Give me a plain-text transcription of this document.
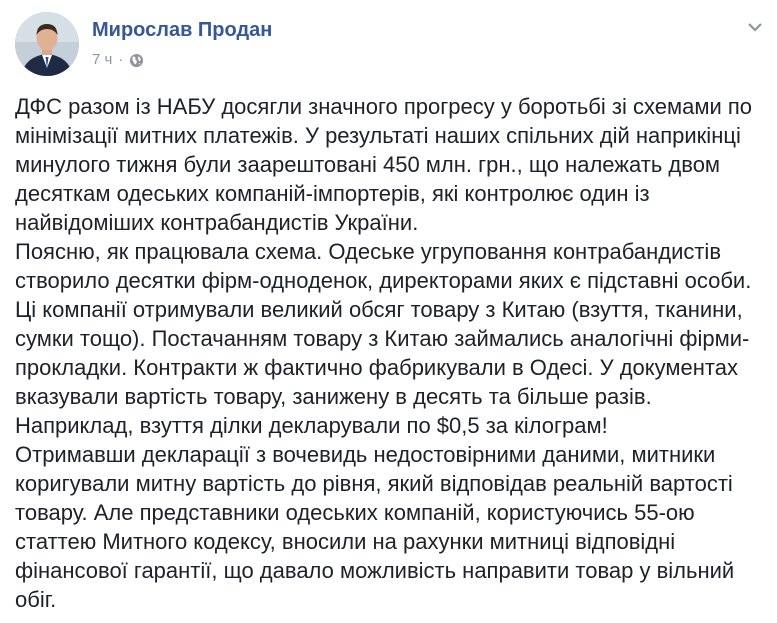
Мирослав Продан
7 ч ·

ДФС разом із НАБУ досягли значного прогресу у боротьбі зі схемами по мінімізації митних платежів. У результаті наших спільних дій наприкінці минулого тижня були заарештовані 450 млн. грн., що належать двом десяткам одеських компаній-імпортерів, які контролює один із найвідоміших контрабандистів України.

Поясню, як працювала схема. Одеське угруповання контрабандистів створило десятки фірм-одноденок, директорами яких є підставні особи. Ці компанії отримували великий обсяг товару з Китаю (взуття, тканини, сумки тощо). Постачанням товару з Китаю займались аналогічні фірми-прокладки. Контракти ж фактично фабрикували в Одесі. У документах вказували вартість товару, занижену в десять та більше разів. Наприклад, взуття ділки декларували по $0,5 за кілограм!

Отримавши декларації з вочевидь недостовірними даними, митники коригували митну вартість до рівня, який відповідав реальній вартості товару. Але представники одеських компаній, користуючись 55-ою статтею Митного кодексу, вносили на рахунки митниці відповідні фінансової гарантії, що давало можливість направити товар у вільний обіг.
